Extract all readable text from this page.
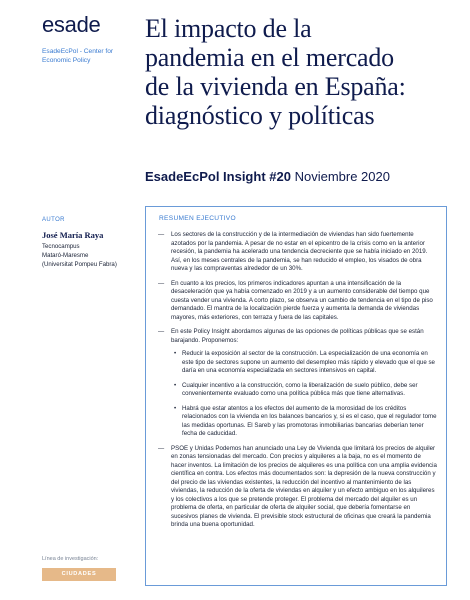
esade
EsadeEcPol - Center for Economic Policy
AUTOR
José María Raya
Tecnocampus
Mataró-Maresme
(Universitat Pompeu Fabra)
Línea de investigación:
CIUDADES
El impacto de la
pandemia en el mercado
de la vivienda en España:
diagnóstico y políticas
EsadeEcPol Insight #20 Noviembre 2020
RESUMEN EJECUTIVO
— Los sectores de la construcción y de la intermediación de viviendas han sido fuertemente azotados por la pandemia. A pesar de no estar en el epicentro de la crisis como en la anterior recesión, la pandemia ha acelerado una tendencia decreciente que se había iniciado en 2019. Así, en los meses centrales de la pandemia, se han reducido el empleo, los visados de obra nueva y las compraventas alrededor de un 30%.
— En cuanto a los precios, los primeros indicadores apuntan a una intensificación de la desaceleración que ya había comenzado en 2019 y a un aumento considerable del tiempo que cuesta vender una vivienda. A corto plazo, se observa un cambio de tendencia en el tipo de piso demandado. El mantra de la localización pierde fuerza y aumenta la demanda de viviendas mayores, más exteriores, con terraza y fuera de las capitales.
— En este Policy Insight abordamos algunas de las opciones de políticas públicas que se están barajando. Proponemos:
• Reducir la exposición al sector de la construcción. La especialización de una economía en este tipo de sectores supone un aumento del desempleo más rápido y elevado que el que se daría en una economía especializada en sectores intensivos en capital.
• Cualquier incentivo a la construcción, como la liberalización de suelo público, debe ser convenientemente evaluado como una política pública más que tiene alternativas.
• Habrá que estar atentos a los efectos del aumento de la morosidad de los créditos relacionados con la vivienda en los balances bancarios y, si es el caso, que el regulador tome las medidas oportunas. El Sareb y las promotoras inmobiliarias bancarias deberían tener fecha de caducidad.
— PSOE y Unidas Podemos han anunciado una Ley de Vivienda que limitará los precios de alquiler en zonas tensionadas del mercado. Con precios y alquileres a la baja, no es el momento de hacer inventos. La limitación de los precios de alquileres es una política con una amplia evidencia científica en contra. Los efectos más documentados son: la depresión de la nueva construcción y del precio de las viviendas existentes, la reducción del incentivo al mantenimiento de las viviendas, la reducción de la oferta de viviendas en alquiler y un efecto ambiguo en los alquileres y los colectivos a los que se pretende proteger. El problema del mercado del alquiler es un problema de oferta, en particular de oferta de alquiler social, que debería fomentarse en sucesivos planes de vivienda. El previsible stock estructural de oficinas que creará la pandemia brinda una buena oportunidad.
